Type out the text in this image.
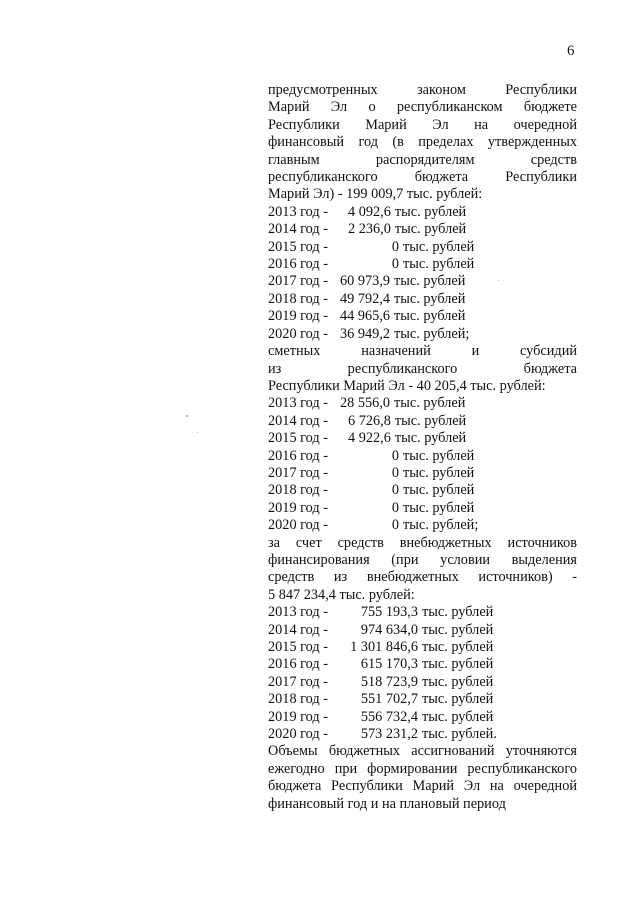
6
предусмотренных законом Республики
Марий Эл о республиканском бюджете
Республики Марий Эл на очередной
финансовый год (в пределах утвержденных
главным распорядителям средств
республиканского бюджета Республики
Марий Эл) - 199 009,7 тыс. рублей:
2013 год -	4 092,6 тыс. рублей
2014 год -	2 236,0 тыс. рублей
2015 год -	0 тыс. рублей
2016 год -	0 тыс. рублей
2017 год - 60 973,9 тыс. рублей
2018 год - 49 792,4 тыс. рублей
2019 год - 44 965,6 тыс. рублей
2020 год - 36 949,2 тыс. рублей;
сметных назначений и субсидий
из республиканского бюджета
Республики Марий Эл - 40 205,4 тыс. рублей:
2013 год - 28 556,0 тыс. рублей
2014 год -	6 726,8 тыс. рублей
2015 год -	4 922,6 тыс. рублей
2016 год -	0 тыс. рублей
2017 год -	0 тыс. рублей
2018 год -	0 тыс. рублей
2019 год -	0 тыс. рублей
2020 год -	0 тыс. рублей;
за счет средств внебюджетных источников
финансирования (при условии выделения
средств из внебюджетных источников) -
5 847 234,4 тыс. рублей:
2013 год -	755 193,3 тыс. рублей
2014 год -	974 634,0 тыс. рублей
2015 год -	1 301 846,6 тыс. рублей
2016 год -	615 170,3 тыс. рублей
2017 год -	518 723,9 тыс. рублей
2018 год -	551 702,7 тыс. рублей
2019 год -	556 732,4 тыс. рублей
2020 год -	573 231,2 тыс. рублей.
Объемы бюджетных ассигнований уточняются
ежегодно при формировании республиканского
бюджета Республики Марий Эл на очередной
финансовый год и на плановый период
